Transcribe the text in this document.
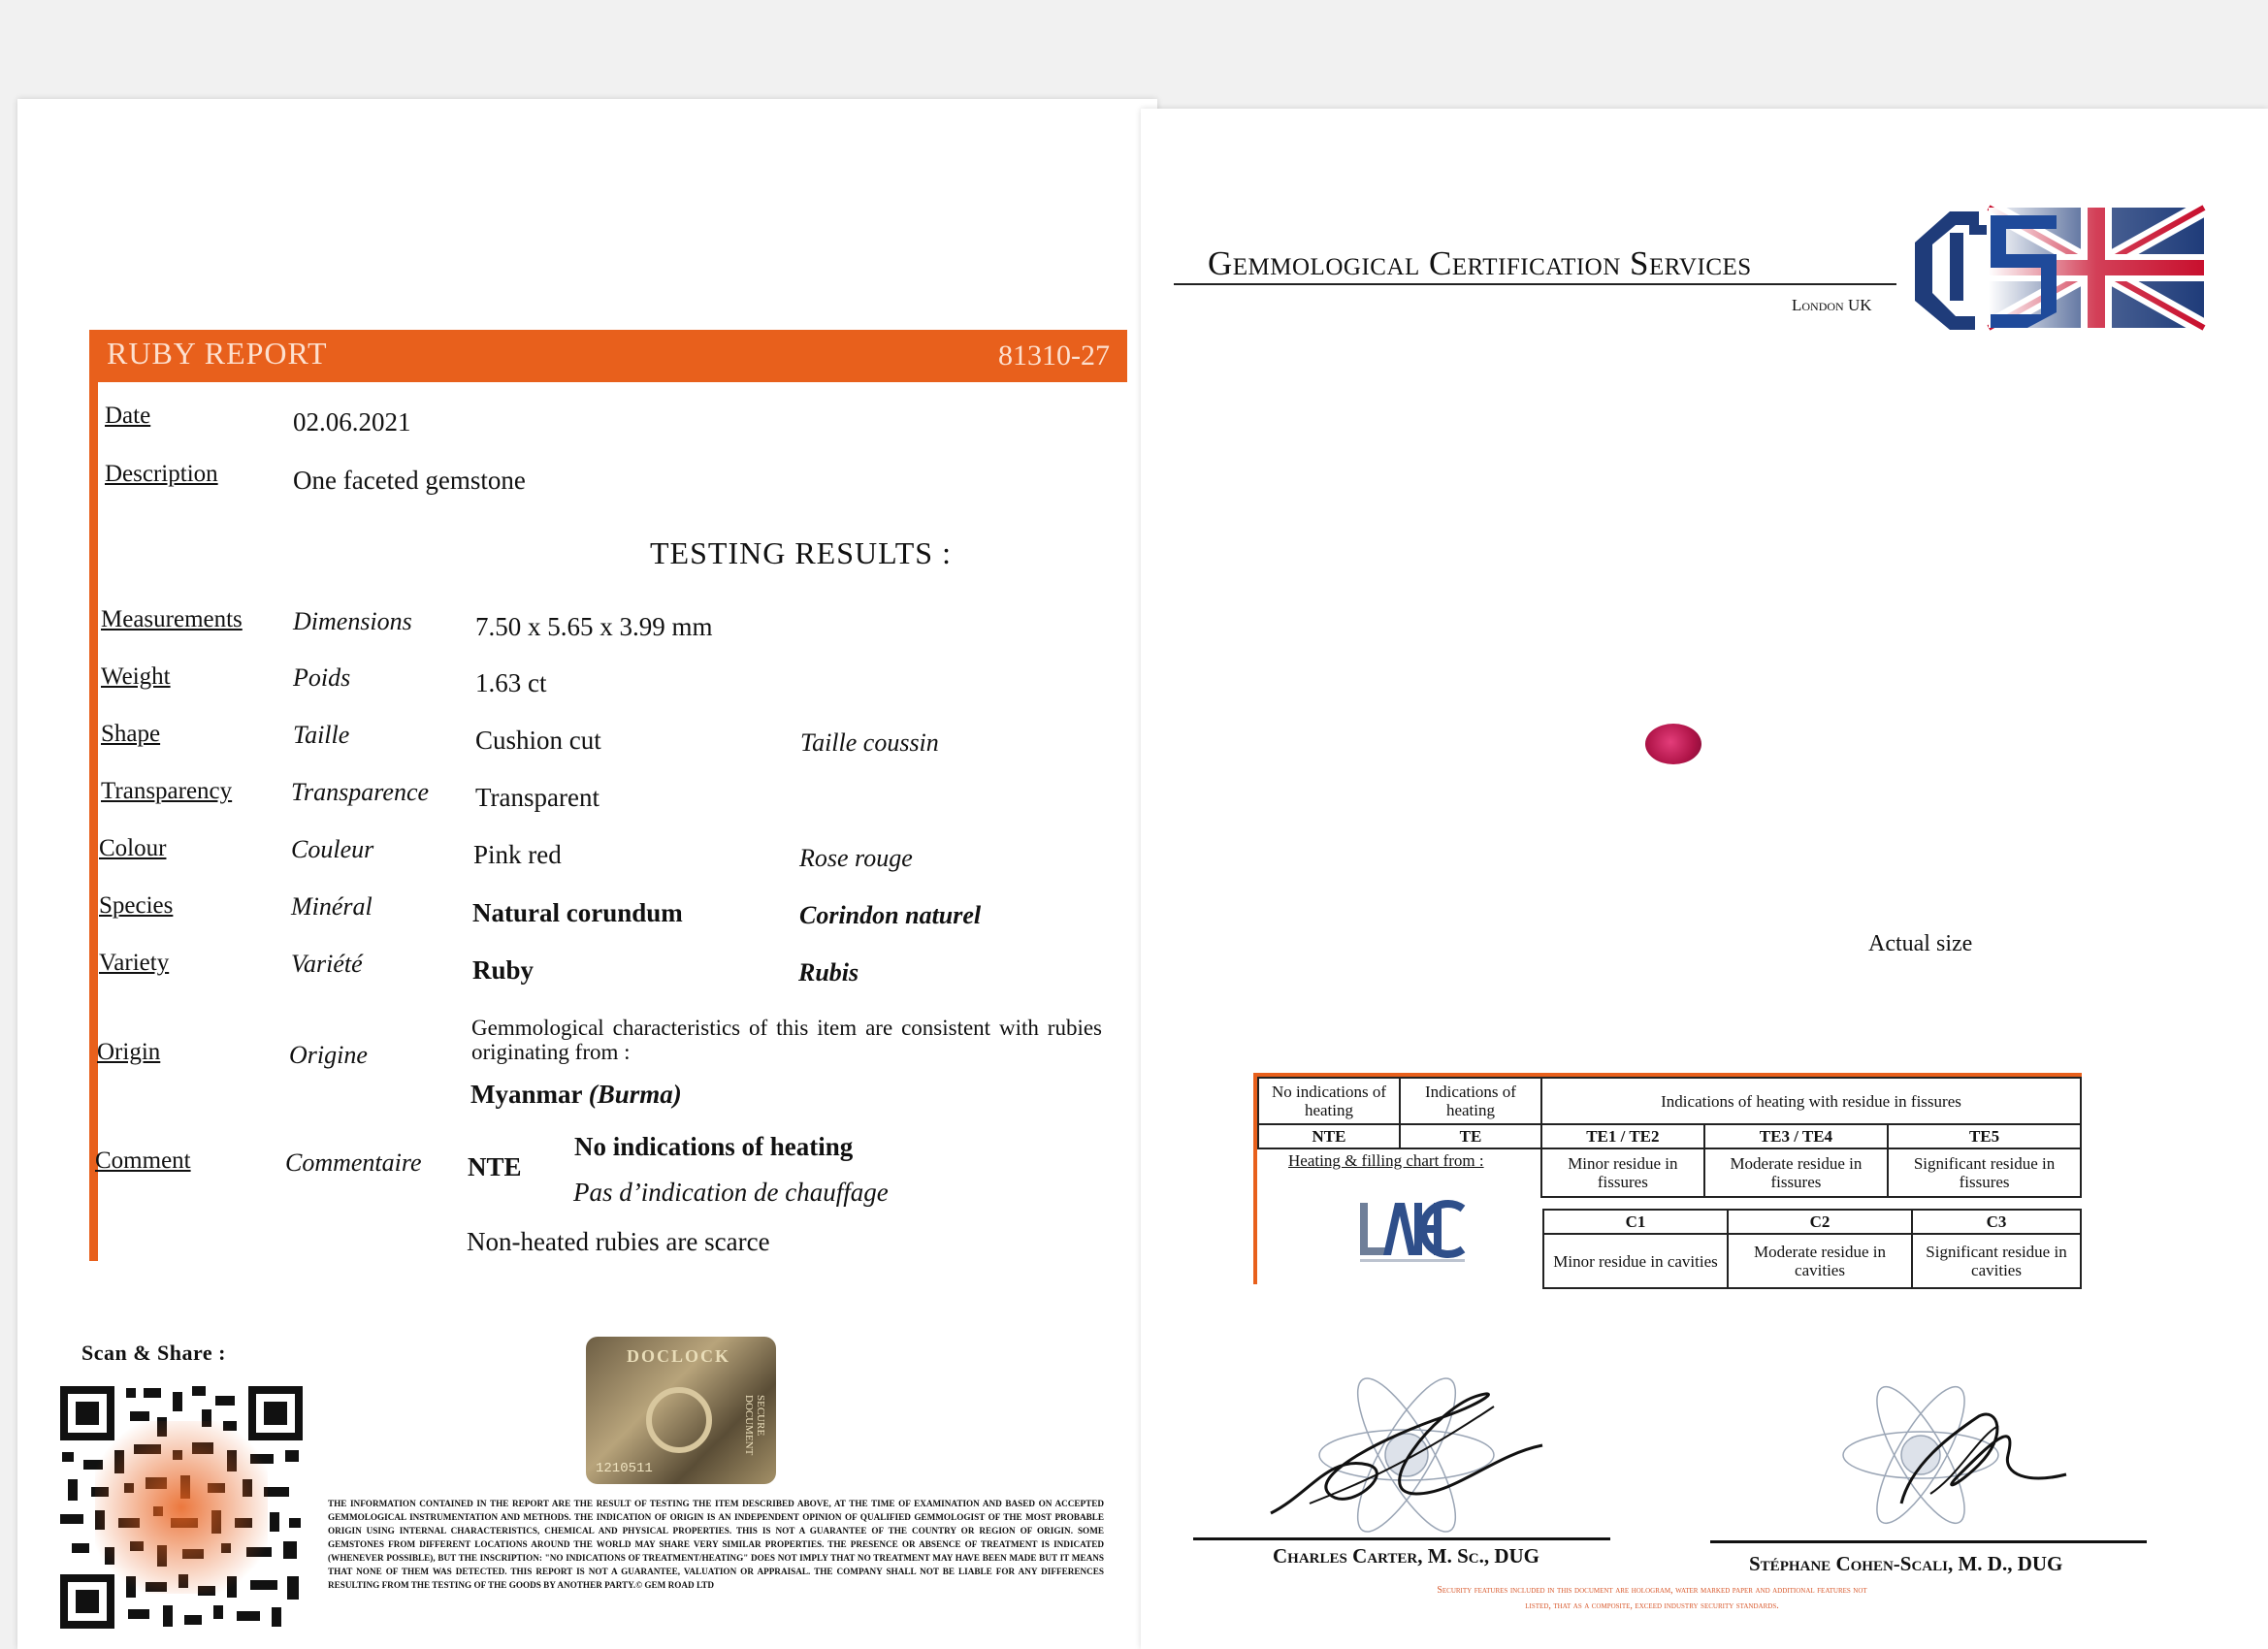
RUBY REPORT	81310-27
Date	02.06.2021
Description	One faceted gemstone
TESTING RESULTS :
Measurements Dimensions 7.50 x 5.65 x 3.99 mm
Weight	Poids	1.63 ct
Shape	Taille	Cushion cut	Taille coussin
Transparency Transparence Transparent
Colour	Couleur	Pink red	Rose rouge
Species	Minéral	Natural corundum	Corindon naturel
Variety	Variété	Ruby	Rubis
Origin	Origine
Gemmological characteristics of this item are consistent with rubies originating from :
Myanmar (Burma)
Comment	Commentaire NTE
No indications of heating
Pas d’indication de chauffage
Non-heated rubies are scarce
Scan & Share :	DOCLOCK
1210511
SECURE DOCUMENT
THE INFORMATION CONTAINED IN THE REPORT ARE THE RESULT OF TESTING THE ITEM DESCRIBED ABOVE, AT THE TIME OF EXAMINATION AND BASED ON ACCEPTED GEMMOLOGICAL INSTRUMENTATION AND METHODS. THE INDICATION OF ORIGIN IS AN INDEPENDENT OPINION OF QUALIFIED GEMMOLOGIST OF THE MOST PROBABLE ORIGIN USING INTERNAL CHARACTERISTICS, CHEMICAL AND PHYSICAL PROPERTIES. THIS IS NOT A GUARANTEE OF THE COUNTRY OR REGION OF ORIGIN. SOME GEMSTONES FROM DIFFERENT LOCATIONS AROUND THE WORLD MAY SHARE VERY SIMILAR PROPERTIES. THE PRESENCE OR ABSENCE OF TREATMENT IS INDICATED (WHENEVER POSSIBLE), BUT THE INSCRIPTION: "NO INDICATIONS OF TREATMENT/HEATING" DOES NOT IMPLY THAT NO TREATMENT MAY HAVE BEEN MADE BUT IT MEANS THAT NONE OF THEM WAS DETECTED. THIS REPORT IS NOT A GUARANTEE, VALUATION OR APPRAISAL. THE COMPANY SHALL NOT BE LIABLE FOR ANY DIFFERENCES RESULTING FROM THE TESTING OF THE GOODS BY ANOTHER PARTY.© GEM ROAD LTD
Gemmological Certification Services
London UK
Actual size
No indications of heating	Indications of heating	Indications of heating with residue in fissures		
NTE	TE	TE1 / TE2	TE3 / TE4	TE5
		Minor residue in fissures	Moderate residue in fissures	Significant residue in fissures
Heating & filling chart from :
C1	C2	C3
Minor residue in cavities	Moderate residue in cavities	Significant residue in cavities
Charles Carter, M. Sc., DUG	Stéphane Cohen-Scali, M. D., DUG
Security features included in this document are hologram, water marked paper and additional features not listed, that as a composite, exceed industry security standards.
